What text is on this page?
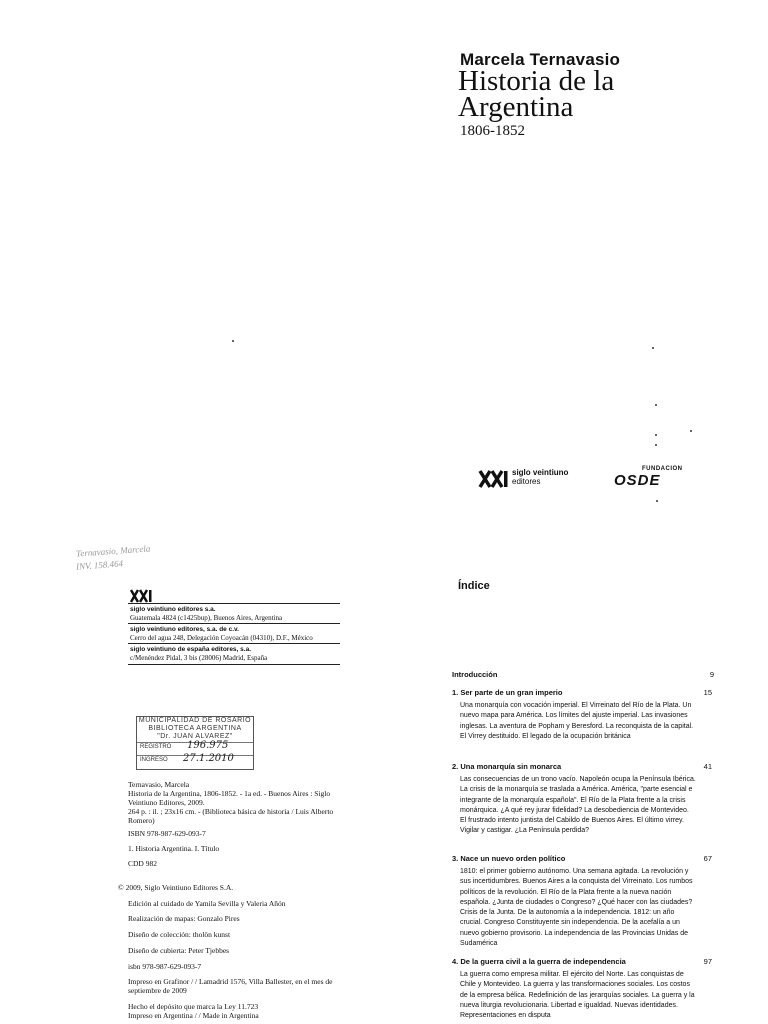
Marcela Ternavasio
Historia de la
Argentina
1806-1852
siglo veintiuno
editores
FUNDACION
OSDE
Ternavasio, Marcela
INV. 158.464
siglo veintiuno editores s.a.
Guatemala 4824 (c1425bup), Buenos Aires, Argentina
siglo veintiuno editores, s.a. de c.v.
Cerro del agua 248, Delegación Coyoacán (04310), D.F., México
siglo veintiuno de españa editores, s.a.
c/Menéndez Pidal, 3 bis (28006) Madrid, España
MUNICIPALIDAD DE ROSARIO
BIBLIOTECA ARGENTINA
"Dr. JUAN ALVAREZ"
REGISTRO 196.975
INGRESO 27.1.2010
Ternavasio, Marcela
Historia de la Argentina, 1806-1852. - 1a ed. - Buenos Aires : Siglo Veintiuno Editores, 2009.
264 p. : il. ; 23x16 cm. - (Biblioteca básica de historia / Luis Alberto Romero)
ISBN 978-987-629-093-7
1. Historia Argentina. I. Título
CDD 982
© 2009, Siglo Veintiuno Editores S.A.
Edición al cuidado de Yamila Sevilla y Valeria Añón
Realización de mapas: Gonzalo Pires
Diseño de colección: tholön kunst
Diseño de cubierta: Peter Tjebbes
isbn 978-987-629-093-7
Impreso en Grafinor / / Lamadrid 1576, Villa Ballester, en el mes de septiembre de 2009
Hecho el depósito que marca la Ley 11.723
Impreso en Argentina / / Made in Argentina
Índice
Introducción	9
1. Ser parte de un gran imperio	15
Una monarquía con vocación imperial. El Virreinato del Río de la Plata. Un nuevo mapa para América. Los límites del ajuste imperial. Las invasiones inglesas. La aventura de Popham y Beresford. La reconquista de la capital. El Virrey destituido. El legado de la ocupación británica
2. Una monarquía sin monarca	41
Las consecuencias de un trono vacío. Napoleón ocupa la Península Ibérica. La crisis de la monarquía se traslada a América. América, "parte esencial e integrante de la monarquía española". El Río de la Plata frente a la crisis monárquica. ¿A qué rey jurar fidelidad? La desobediencia de Montevideo. El frustrado intento juntista del Cabildo de Buenos Aires. El último virrey. Vigilar y castigar. ¿La Península perdida?
3. Nace un nuevo orden político	67
1810: el primer gobierno autónomo. Una semana agitada. La revolución y sus incertidumbres. Buenos Aires a la conquista del Virreinato. Los rumbos políticos de la revolución. El Río de la Plata frente a la nueva nación española. ¿Junta de ciudades o Congreso? ¿Qué hacer con las ciudades? Crisis de la Junta. De la autonomía a la independencia. 1812: un año crucial. Congreso Constituyente sin independencia. De la acefalía a un nuevo gobierno provisorio. La independencia de las Provincias Unidas de Sudamérica
4. De la guerra civil a la guerra de independencia	97
La guerra como empresa militar. El ejército del Norte. Las conquistas de Chile y Montevideo. La guerra y las transformaciones sociales. Los costos de la empresa bélica. Redefinición de las jerarquías sociales. La guerra y la nueva liturgia revolucionaria. Libertad e igualdad. Nuevas identidades. Representaciones en disputa
